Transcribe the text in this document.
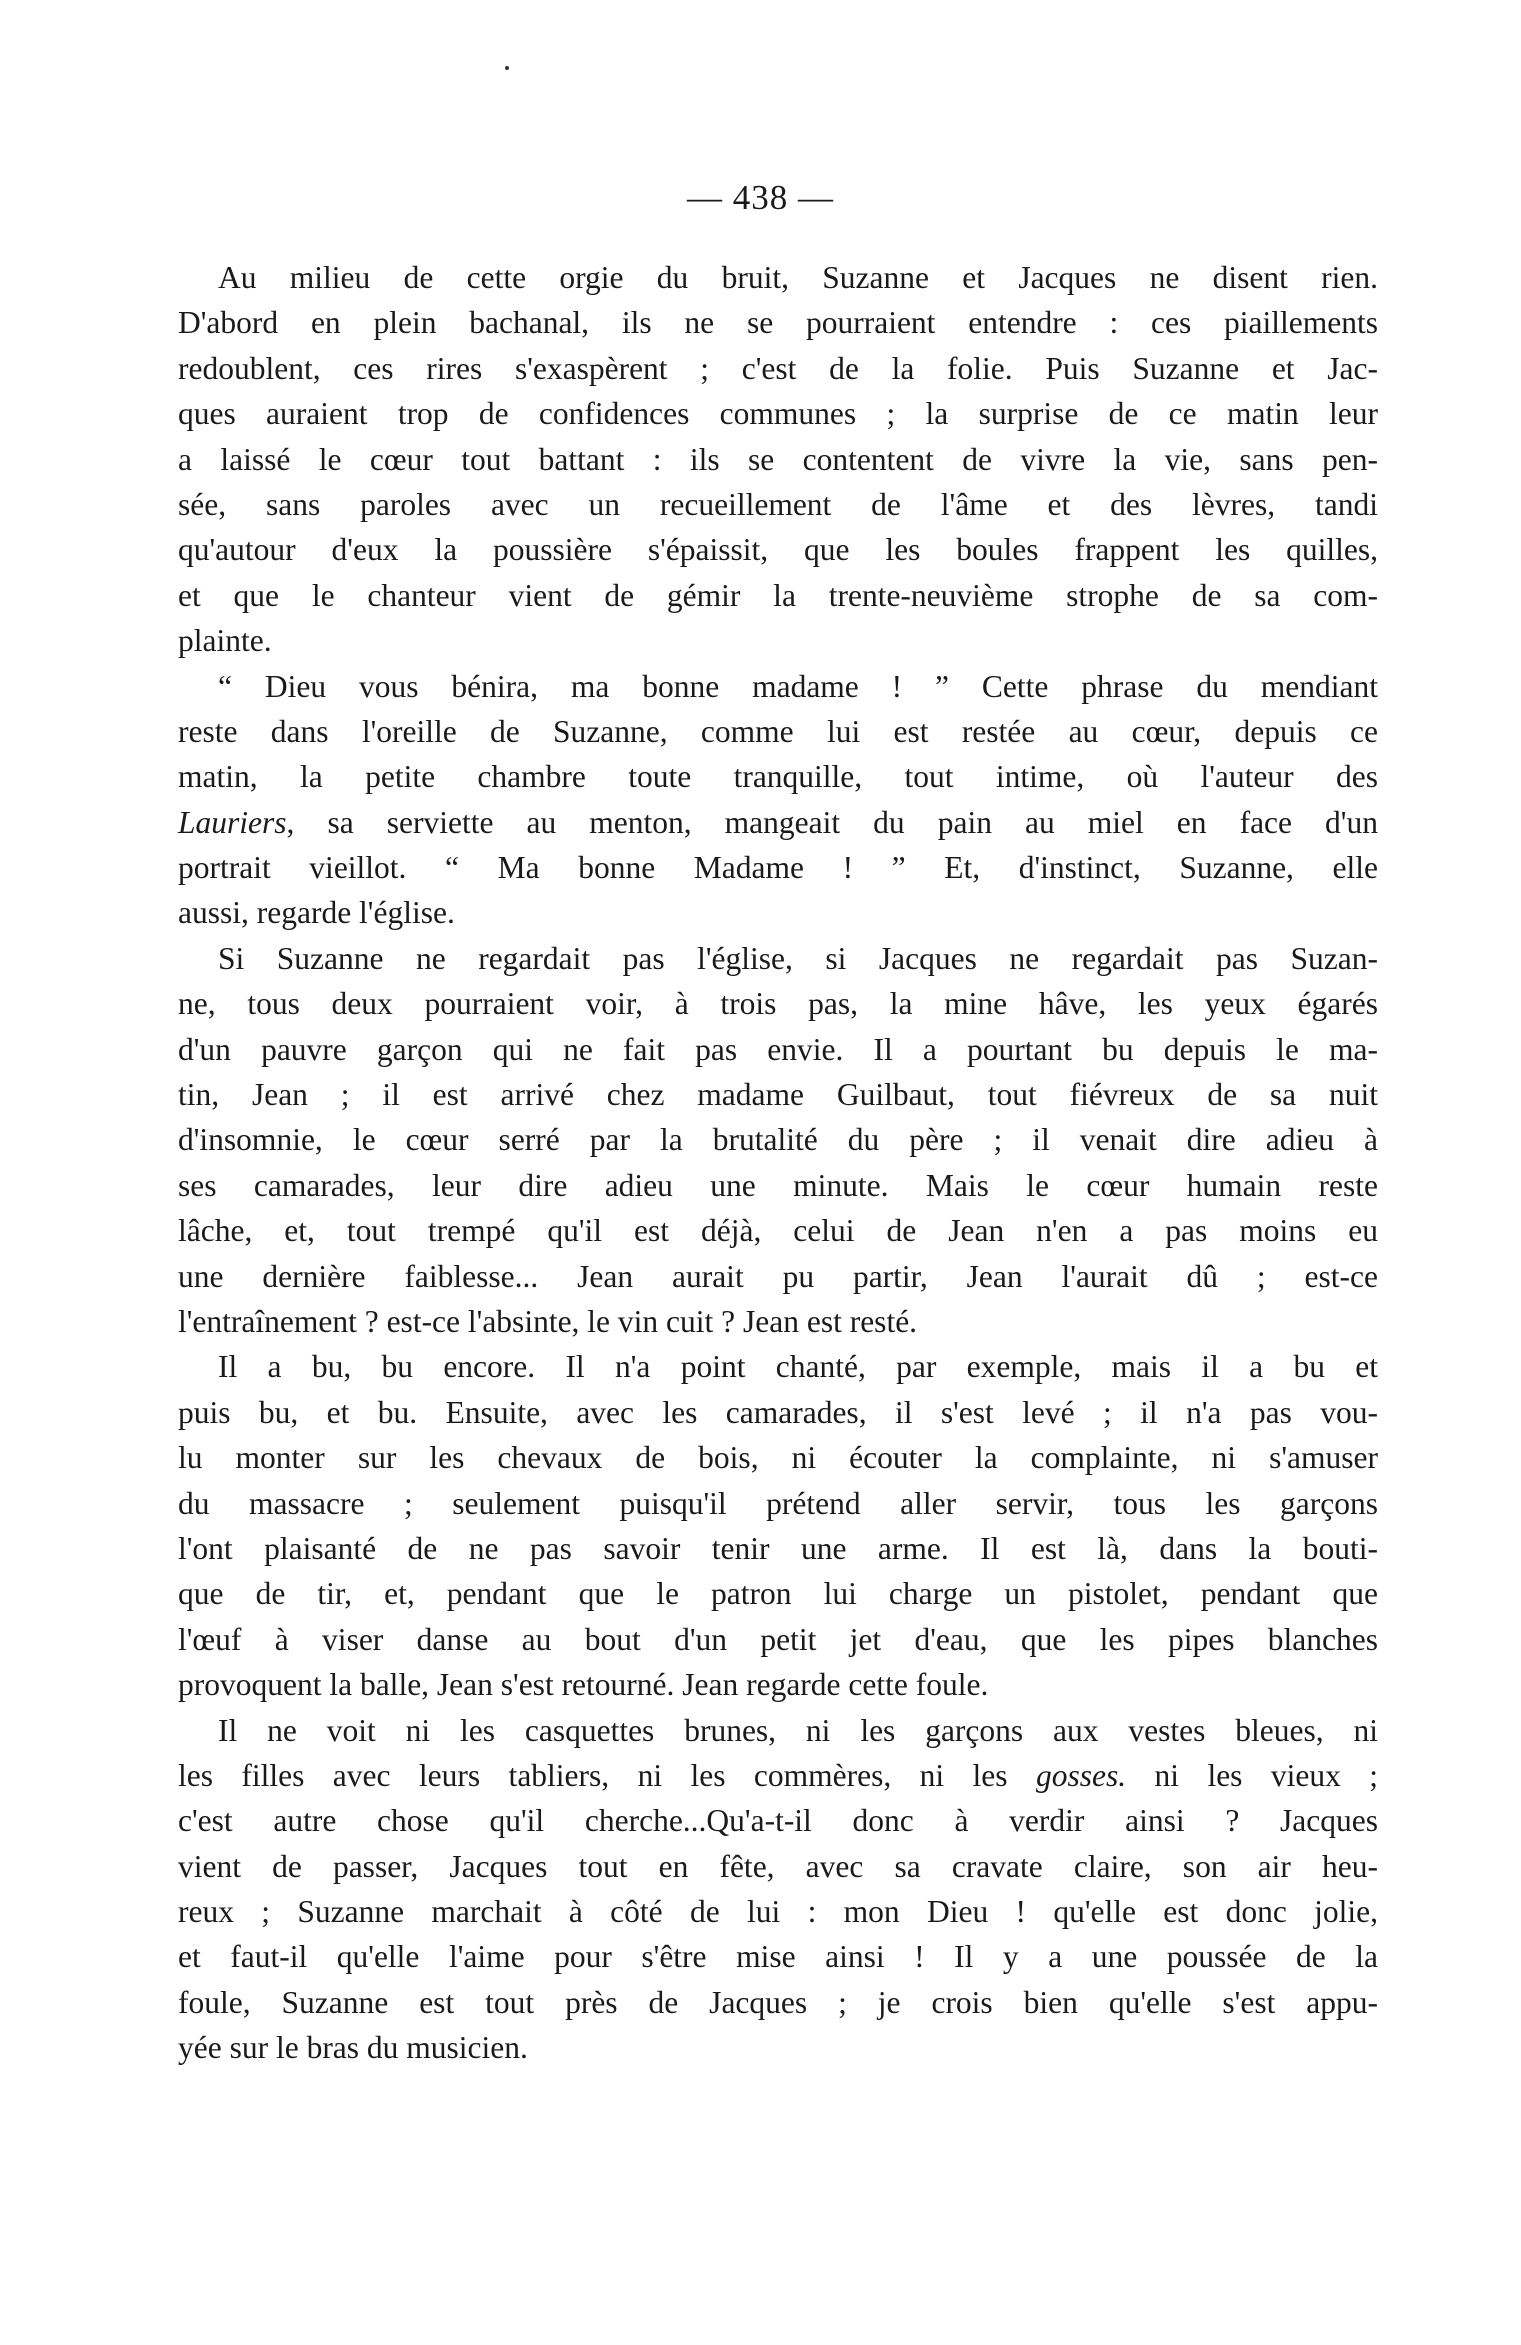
— 438 —
Au milieu de cette orgie du bruit, Suzanne et Jacques ne disent rien.
D'abord en plein bachanal, ils ne se pourraient entendre : ces piaillements
redoublent, ces rires s'exaspèrent ; c'est de la folie. Puis Suzanne et Jac-
ques auraient trop de confidences communes ; la surprise de ce matin leur
a laissé le cœur tout battant : ils se contentent de vivre la vie, sans pen-
sée, sans paroles avec un recueillement de l'âme et des lèvres, tandi
qu'autour d'eux la poussière s'épaissit, que les boules frappent les quilles,
et que le chanteur vient de gémir la trente-neuvième strophe de sa com-
plainte.
“ Dieu vous bénira, ma bonne madame ! ” Cette phrase du mendiant
reste dans l'oreille de Suzanne, comme lui est restée au cœur, depuis ce
matin, la petite chambre toute tranquille, tout intime, où l'auteur des
Lauriers, sa serviette au menton, mangeait du pain au miel en face d'un
portrait vieillot. “ Ma bonne Madame ! ” Et, d'instinct, Suzanne, elle
aussi, regarde l'église.
Si Suzanne ne regardait pas l'église, si Jacques ne regardait pas Suzan-
ne, tous deux pourraient voir, à trois pas, la mine hâve, les yeux égarés
d'un pauvre garçon qui ne fait pas envie. Il a pourtant bu depuis le ma-
tin, Jean ; il est arrivé chez madame Guilbaut, tout fiévreux de sa nuit
d'insomnie, le cœur serré par la brutalité du père ; il venait dire adieu à
ses camarades, leur dire adieu une minute. Mais le cœur humain reste
lâche, et, tout trempé qu'il est déjà, celui de Jean n'en a pas moins eu
une dernière faiblesse... Jean aurait pu partir, Jean l'aurait dû ; est-ce
l'entraînement ? est-ce l'absinte, le vin cuit ? Jean est resté.
Il a bu, bu encore. Il n'a point chanté, par exemple, mais il a bu et
puis bu, et bu. Ensuite, avec les camarades, il s'est levé ; il n'a pas vou-
lu monter sur les chevaux de bois, ni écouter la complainte, ni s'amuser
du massacre ; seulement puisqu'il prétend aller servir, tous les garçons
l'ont plaisanté de ne pas savoir tenir une arme. Il est là, dans la bouti-
que de tir, et, pendant que le patron lui charge un pistolet, pendant que
l'œuf à viser danse au bout d'un petit jet d'eau, que les pipes blanches
provoquent la balle, Jean s'est retourné. Jean regarde cette foule.
Il ne voit ni les casquettes brunes, ni les garçons aux vestes bleues, ni
les filles avec leurs tabliers, ni les commères, ni les gosses. ni les vieux ;
c'est autre chose qu'il cherche...Qu'a-t-il donc à verdir ainsi ? Jacques
vient de passer, Jacques tout en fête, avec sa cravate claire, son air heu-
reux ; Suzanne marchait à côté de lui : mon Dieu ! qu'elle est donc jolie,
et faut-il qu'elle l'aime pour s'être mise ainsi ! Il y a une poussée de la
foule, Suzanne est tout près de Jacques ; je crois bien qu'elle s'est appu-
yée sur le bras du musicien.
